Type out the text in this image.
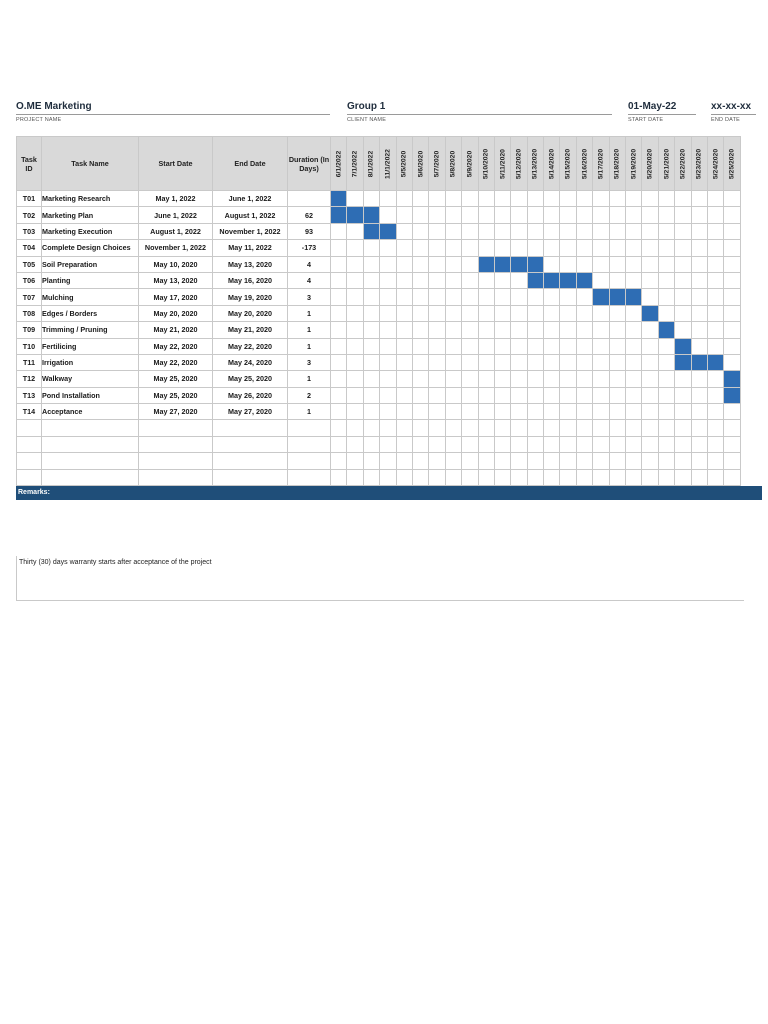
O.ME Marketing
PROJECT NAME
Group 1
CLIENT NAME
01-May-22
START DATE
xx-xx-xx
END DATE
Task ID	Task Name	Start Date	End Date	Duration (In Days)	6/1/2022	7/1/2022	8/1/2022	11/1/2022	5/5/2020	5/6/2020	5/7/2020	5/8/2020	5/9/2020	5/10/2020	5/11/2020	5/12/2020	5/13/2020	5/14/2020	5/15/2020	5/16/2020	5/17/2020	5/18/2020	5/19/2020	5/20/2020	5/21/2020	5/22/2020	5/23/2020	5/24/2020	5/25/2020

T01	Marketing Research	May 1, 2022	June 1, 2022																										
T02	Marketing Plan	June 1, 2022	August 1, 2022	62																									
T03	Marketing Execution	August 1, 2022	November 1, 2022	93																									
T04	Complete Design Choices	November 1, 2022	May 11, 2022	-173																									
T05	Soil Preparation	May 10, 2020	May 13, 2020	4																									
T06	Planting	May 13, 2020	May 16, 2020	4																									
T07	Mulching	May 17, 2020	May 19, 2020	3																									
T08	Edges / Borders	May 20, 2020	May 20, 2020	1																									
T09	Trimming / Pruning	May 21, 2020	May 21, 2020	1																									
T10	Fertilicing	May 22, 2020	May 22, 2020	1																									
T11	Irrigation	May 22, 2020	May 24, 2020	3																									
T12	Walkway	May 25, 2020	May 25, 2020	1																									
T13	Pond Installation	May 25, 2020	May 26, 2020	2																									
T14	Acceptance	May 27, 2020	May 27, 2020	1																									

Remarks:
Thirty (30) days warranty starts after acceptance of the project
